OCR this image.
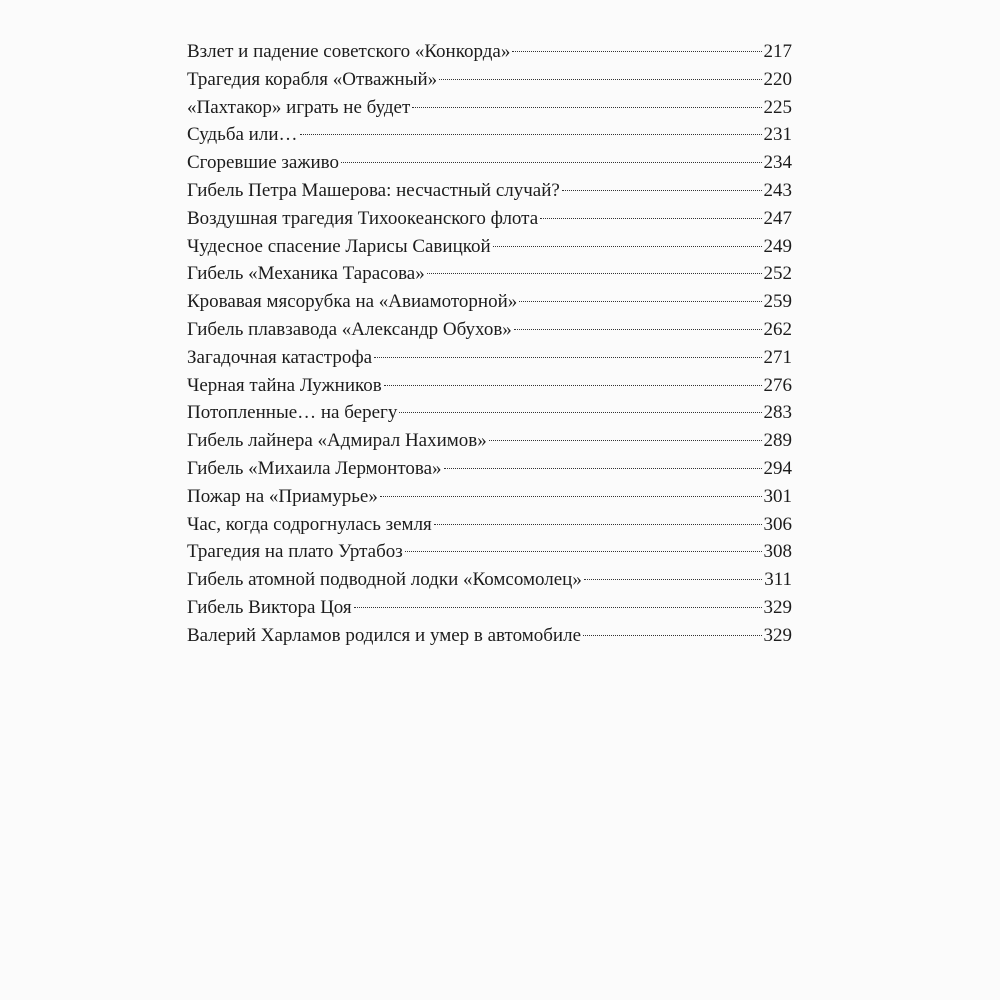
Взлет и падение советского «Конкорда»	217
Трагедия корабля «Отважный»	220
«Пахтакор» играть не будет	225
Судьба или…	231
Сгоревшие заживо	234
Гибель Петра Машерова: несчастный случай?	243
Воздушная трагедия Тихоокеанского флота	247
Чудесное спасение Ларисы Савицкой	249
Гибель «Механика Тарасова»	252
Кровавая мясорубка на «Авиамоторной»	259
Гибель плавзавода «Александр Обухов»	262
Загадочная катастрофа	271
Черная тайна Лужников	276
Потопленные… на берегу	283
Гибель лайнера «Адмирал Нахимов»	289
Гибель «Михаила Лермонтова»	294
Пожар на «Приамурье»	301
Час, когда содрогнулась земля	306
Трагедия на плато Уртабоз	308
Гибель атомной подводной лодки «Комсомолец»	311
Гибель Виктора Цоя	329
Валерий Харламов родился и умер в автомобиле	329
